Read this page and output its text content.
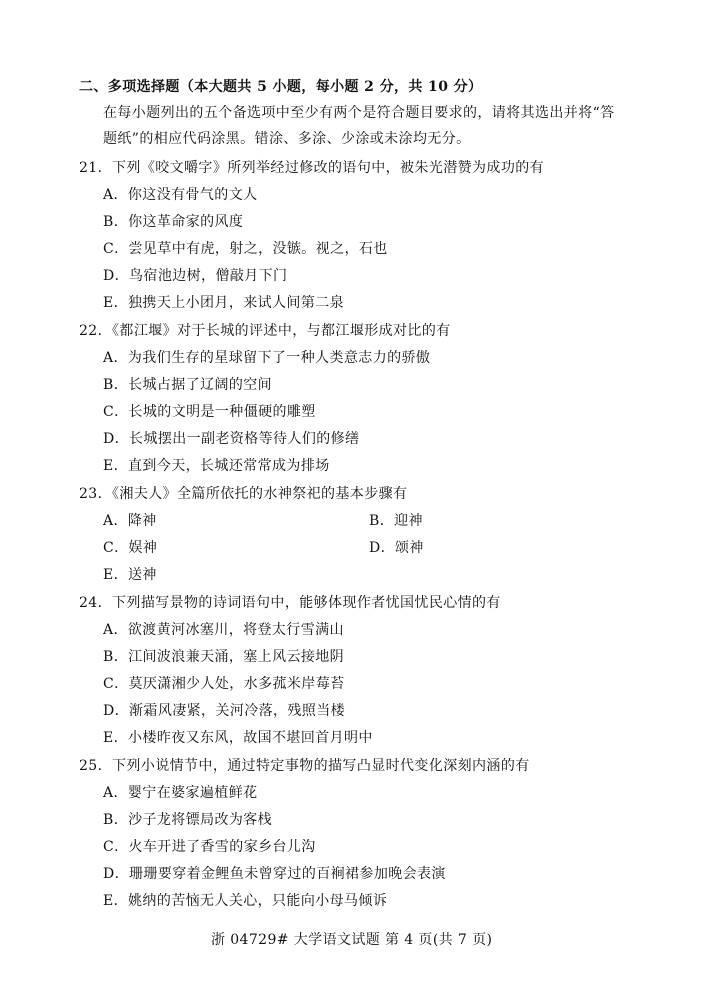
二、多项选择题（本大题共 5 小题，每小题 2 分，共 10 分）
在每小题列出的五个备选项中至少有两个是符合题目要求的，请将其选出并将“答
题纸”的相应代码涂黑。错涂、多涂、少涂或未涂均无分。
21．下列《咬文嚼字》所列举经过修改的语句中，被朱光潜赞为成功的有
A．你这没有骨气的文人
B．你这革命家的风度
C．尝见草中有虎，射之，没镞。视之，石也
D．鸟宿池边树，僧敲月下门
E．独携天上小团月，来试人间第二泉
22．《都江堰》对于长城的评述中，与都江堰形成对比的有
A．为我们生存的星球留下了一种人类意志力的骄傲
B．长城占据了辽阔的空间
C．长城的文明是一种僵硬的雕塑
D．长城摆出一副老资格等待人们的修缮
E．直到今天，长城还常常成为排场
23．《湘夫人》全篇所依托的水神祭祀的基本步骤有
A．降神	B．迎神
C．娱神	D．颂神
E．送神
24．下列描写景物的诗词语句中，能够体现作者忧国忧民心情的有
A．欲渡黄河冰塞川，将登太行雪满山
B．江间波浪兼天涌，塞上风云接地阴
C．莫厌潇湘少人处，水多菰米岸莓苔
D．渐霜风凄紧，关河冷落，残照当楼
E．小楼昨夜又东风，故国不堪回首月明中
25．下列小说情节中，通过特定事物的描写凸显时代变化深刻内涵的有
A．婴宁在婆家遍植鲜花
B．沙子龙将镖局改为客栈
C．火车开进了香雪的家乡台儿沟
D．珊珊要穿着金鲤鱼未曾穿过的百裥裙参加晚会表演
E．姚纳的苦恼无人关心，只能向小母马倾诉
浙 04729# 大学语文试题 第 4 页(共 7 页)
